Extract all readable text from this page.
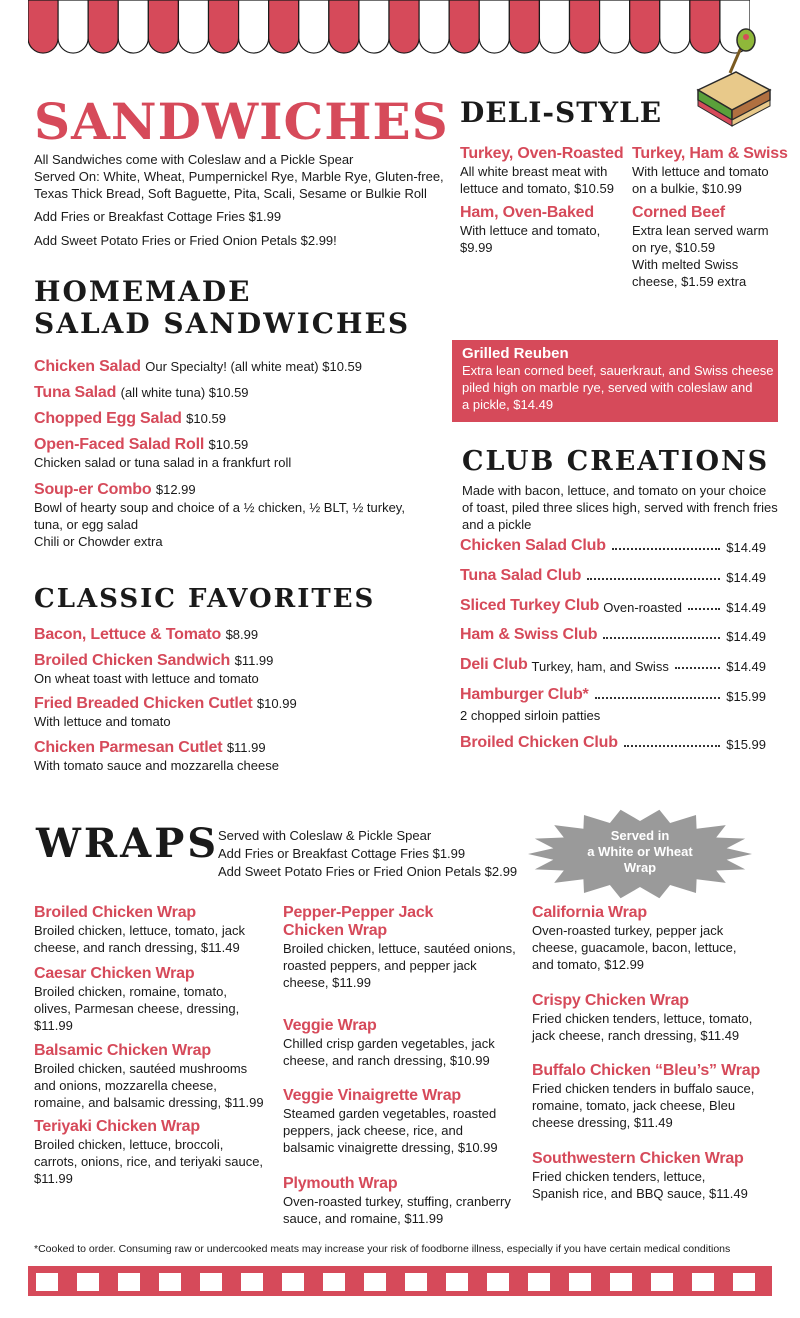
SANDWICHES
All Sandwiches come with Coleslaw and a Pickle Spear
Served On: White, Wheat, Pumpernickel Rye, Marble Rye, Gluten-free,
Texas Thick Bread, Soft Baguette, Pita, Scali, Sesame or Bulkie Roll
Add Fries or Breakfast Cottage Fries $1.99
Add Sweet Potato Fries or Fried Onion Petals $2.99!
HOMEMADE
SALAD SANDWICHES
Chicken Salad Our Specialty! (all white meat) $10.59
Tuna Salad (all white tuna) $10.59
Chopped Egg Salad $10.59
Open-Faced Salad Roll $10.59
Chicken salad or tuna salad in a frankfurt roll
Soup-er Combo $12.99
Bowl of hearty soup and choice of a ½ chicken, ½ BLT, ½ turkey,
tuna, or egg salad
Chili or Chowder extra
CLASSIC FAVORITES
Bacon, Lettuce & Tomato $8.99
Broiled Chicken Sandwich $11.99
On wheat toast with lettuce and tomato
Fried Breaded Chicken Cutlet $10.99
With lettuce and tomato
Chicken Parmesan Cutlet $11.99
With tomato sauce and mozzarella cheese
DELI-STYLE
Turkey, Oven-Roasted
All white breast meat with
lettuce and tomato, $10.59
Turkey, Ham & Swiss
With lettuce and tomato
on a bulkie, $10.99
Ham, Oven-Baked
With lettuce and tomato,
$9.99
Corned Beef
Extra lean served warm
on rye, $10.59
With melted Swiss
cheese, $1.59 extra
Grilled Reuben
Extra lean corned beef, sauerkraut, and Swiss cheese
piled high on marble rye, served with coleslaw and
a pickle, $14.49
CLUB CREATIONS
Made with bacon, lettuce, and tomato on your choice
of toast, piled three slices high, served with french fries
and a pickle
Chicken Salad Club	$14.49
Tuna Salad Club	$14.49
Sliced Turkey Club Oven-roasted	$14.49
Ham & Swiss Club	$14.49
Deli Club Turkey, ham, and Swiss	$14.49
Hamburger Club*	$15.99
2 chopped sirloin patties
Broiled Chicken Club	$15.99
WRAPS
Served with Coleslaw & Pickle Spear
Add Fries or Breakfast Cottage Fries $1.99
Add Sweet Potato Fries or Fried Onion Petals $2.99
Served in
a White or Wheat
Wrap
Broiled Chicken Wrap
Broiled chicken, lettuce, tomato, jack
cheese, and ranch dressing, $11.49
Caesar Chicken Wrap
Broiled chicken, romaine, tomato,
olives, Parmesan cheese, dressing,
$11.99
Balsamic Chicken Wrap
Broiled chicken, sautéed mushrooms
and onions, mozzarella cheese,
romaine, and balsamic dressing, $11.99
Teriyaki Chicken Wrap
Broiled chicken, lettuce, broccoli,
carrots, onions, rice, and teriyaki sauce,
$11.99
Pepper-Pepper Jack
Chicken Wrap
Broiled chicken, lettuce, sautéed onions,
roasted peppers, and pepper jack
cheese, $11.99
Veggie Wrap
Chilled crisp garden vegetables, jack
cheese, and ranch dressing, $10.99
Veggie Vinaigrette Wrap
Steamed garden vegetables, roasted
peppers, jack cheese, rice, and
balsamic vinaigrette dressing, $10.99
Plymouth Wrap
Oven-roasted turkey, stuffing, cranberry
sauce, and romaine, $11.99
California Wrap
Oven-roasted turkey, pepper jack
cheese, guacamole, bacon, lettuce,
and tomato, $12.99
Crispy Chicken Wrap
Fried chicken tenders, lettuce, tomato,
jack cheese, ranch dressing, $11.49
Buffalo Chicken “Bleu’s” Wrap
Fried chicken tenders in buffalo sauce,
romaine, tomato, jack cheese, Bleu
cheese dressing, $11.49
Southwestern Chicken Wrap
Fried chicken tenders, lettuce,
Spanish rice, and BBQ sauce, $11.49
*Cooked to order. Consuming raw or undercooked meats may increase your risk of foodborne illness, especially if you have certain medical conditions
